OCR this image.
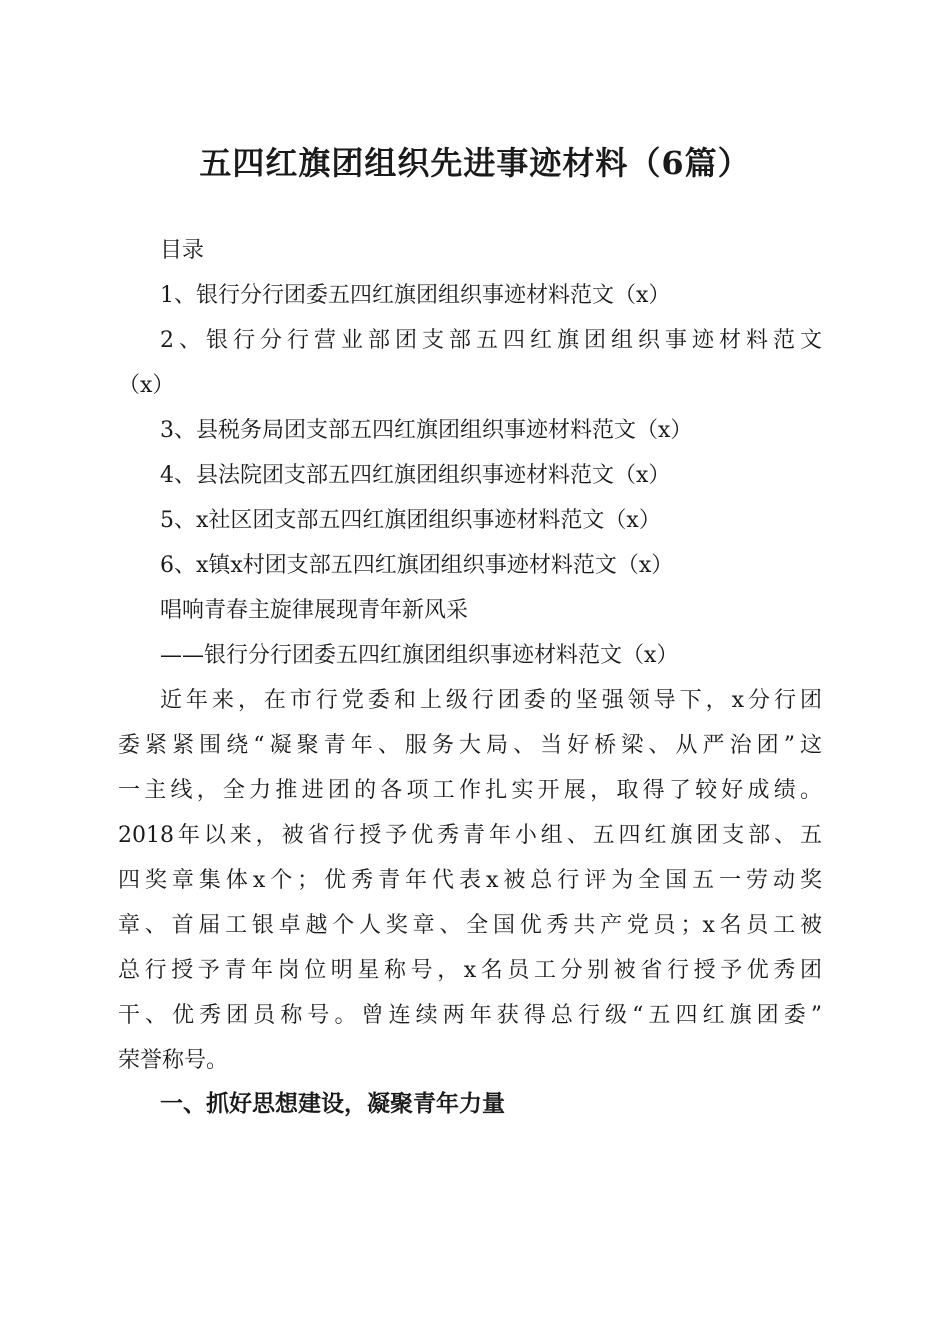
五四红旗团组织先进事迹材料（6篇）
目录
1、银行分行团委五四红旗团组织事迹材料范文（x）
2、银行分行营业部团支部五四红旗团组织事迹材料范文
（x）
3、县税务局团支部五四红旗团组织事迹材料范文（x）
4、县法院团支部五四红旗团组织事迹材料范文（x）
5、x社区团支部五四红旗团组织事迹材料范文（x）
6、x镇x村团支部五四红旗团组织事迹材料范文（x）
唱响青春主旋律展现青年新风采
——银行分行团委五四红旗团组织事迹材料范文（x）
近年来，在市行党委和上级行团委的坚强领导下，x分行团
委紧紧围绕“凝聚青年、服务大局、当好桥梁、从严治团”这
一主线，全力推进团的各项工作扎实开展，取得了较好成绩。
2018年以来，被省行授予优秀青年小组、五四红旗团支部、五
四奖章集体x个；优秀青年代表x被总行评为全国五一劳动奖
章、首届工银卓越个人奖章、全国优秀共产党员；x名员工被
总行授予青年岗位明星称号，x名员工分别被省行授予优秀团
干、优秀团员称号。曾连续两年获得总行级“五四红旗团委”
荣誉称号。
一、抓好思想建设，凝聚青年力量
